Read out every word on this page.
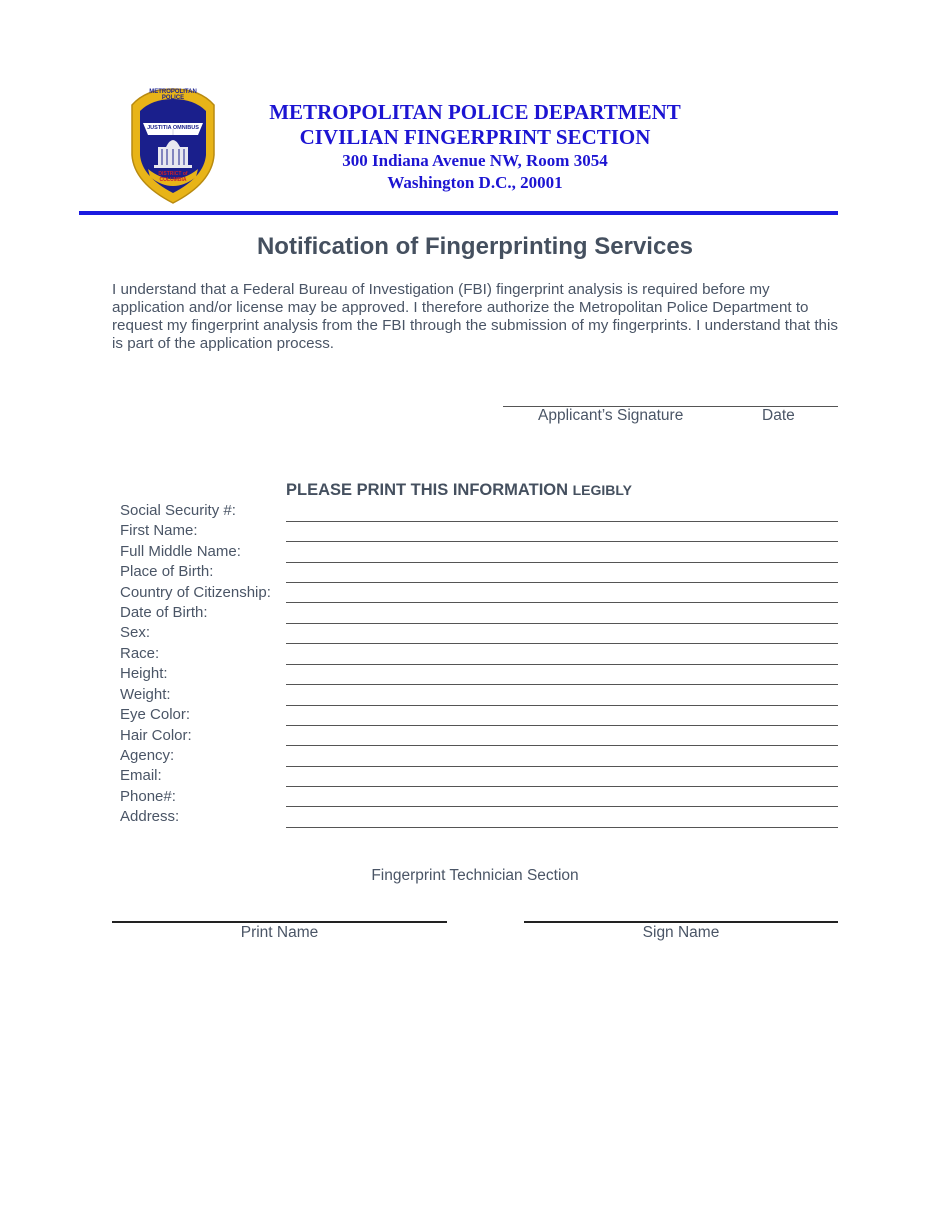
METROPOLITAN POLICE
JUSTITIA OMNIBUS
DISTRICT of COLUMBIA
METROPOLITAN POLICE DEPARTMENT
CIVILIAN FINGERPRINT SECTION
300 Indiana Avenue NW, Room 3054
Washington D.C., 20001
Notification of Fingerprinting Services
I understand that a Federal Bureau of Investigation (FBI) fingerprint analysis is required before my application and/or license may be approved. I therefore authorize the Metropolitan Police Department to request my fingerprint analysis from the FBI through the submission of my fingerprints. I understand that this is part of the application process.
Applicant’s Signature	Date
PLEASE PRINT THIS INFORMATION LEGIBLY
Social Security #:
First Name:
Full Middle Name:
Place of Birth:
Country of Citizenship:
Date of Birth:
Sex:
Race:
Height:
Weight:
Eye Color:
Hair Color:
Agency:
Email:
Phone#:
Address:
Fingerprint Technician Section
Print Name	Sign Name
